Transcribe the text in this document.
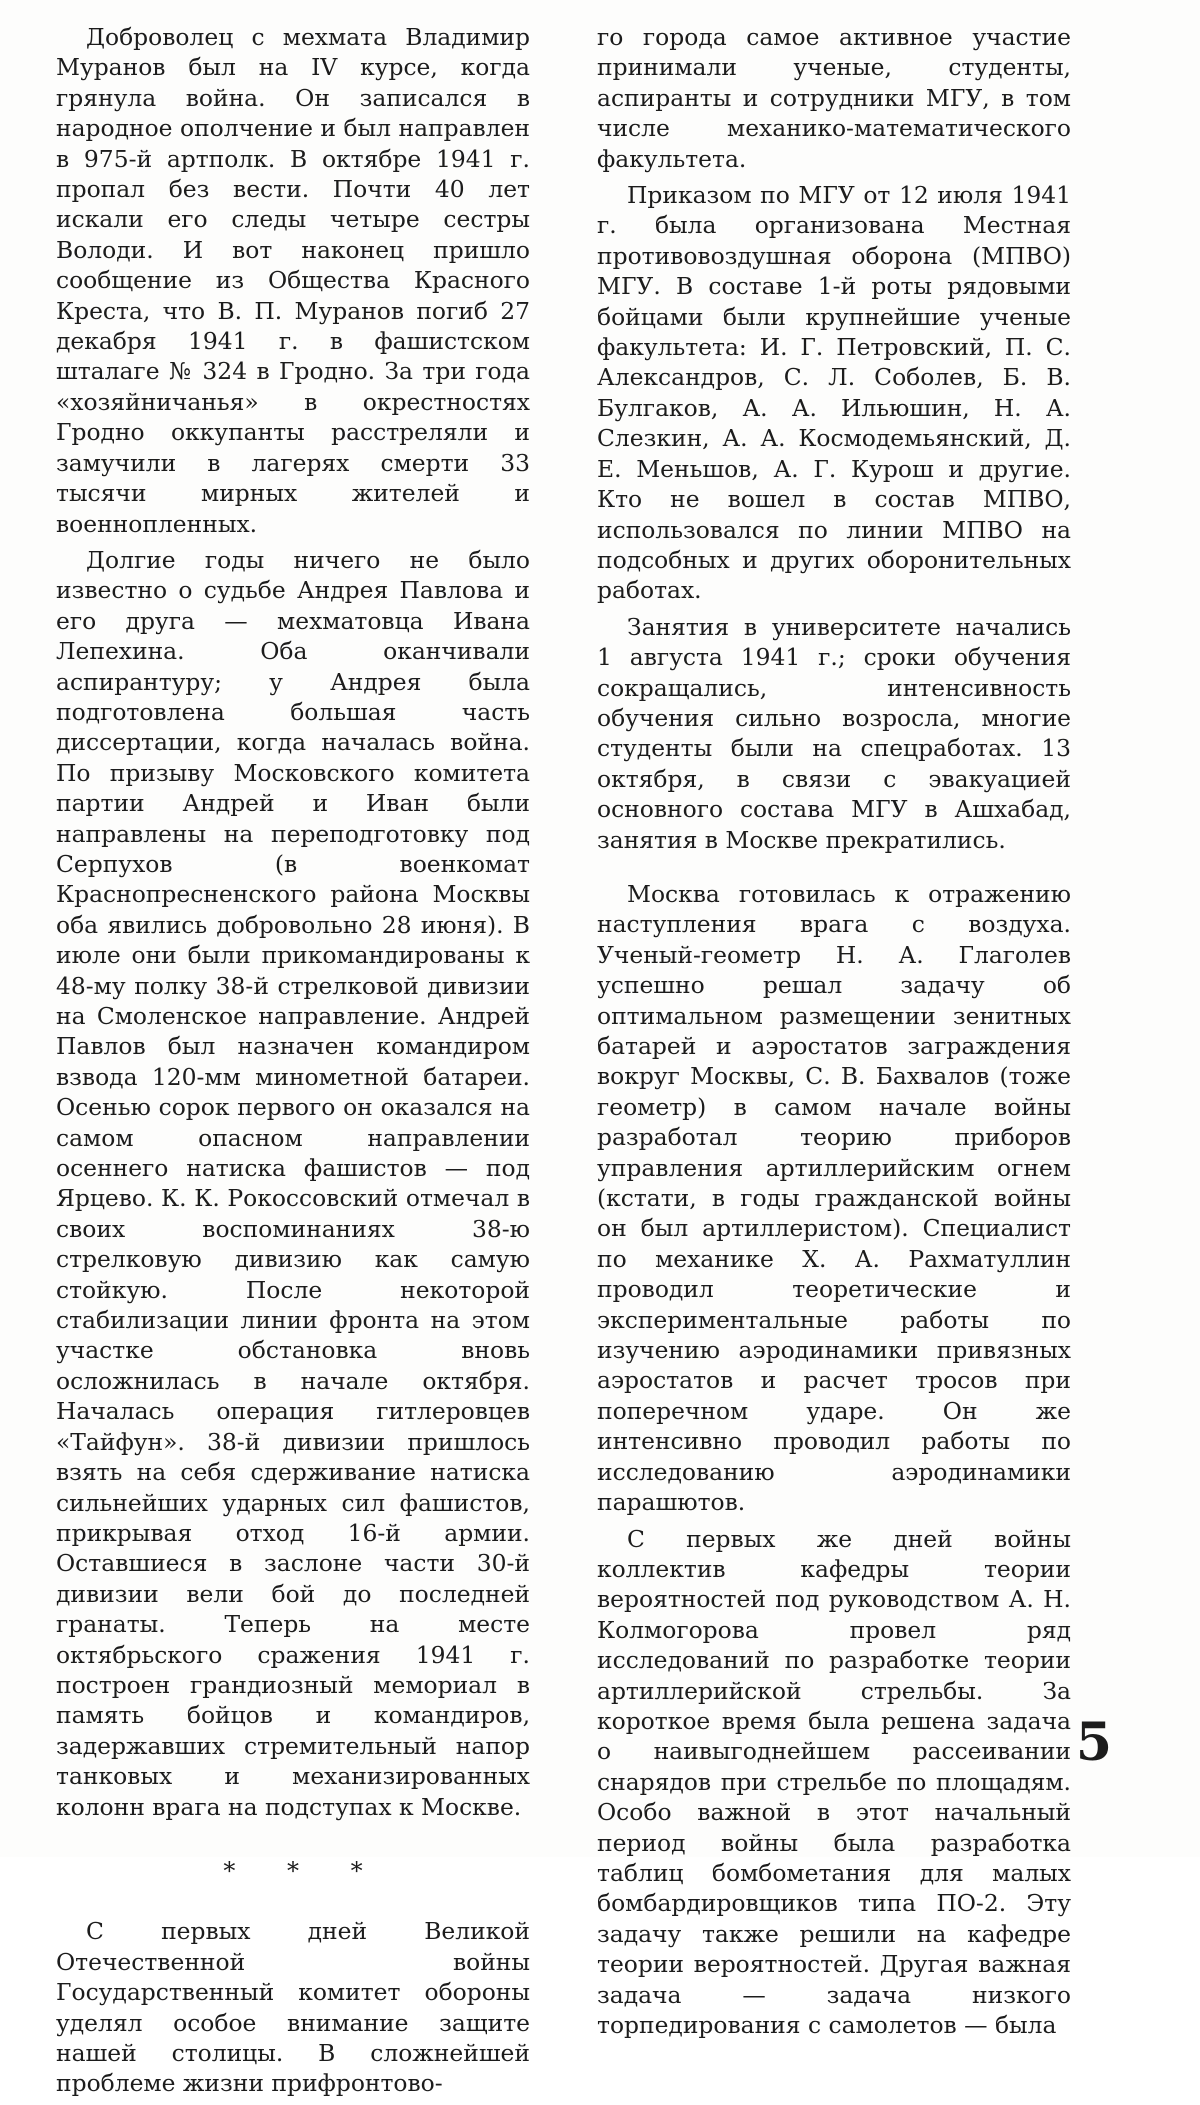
Доброволец с мехмата Владимир Муранов был на IV курсе, когда грянула война. Он записался в народное ополчение и был направлен в 975-й артполк. В октябре 1941 г. пропал без вести. Почти 40 лет искали его следы четыре сестры Володи. И вот наконец пришло сообщение из Общества Красного Креста, что В. П. Муранов погиб 27 декабря 1941 г. в фашистском шталаге № 324 в Гродно. За три года «хозяйничанья» в окрестностях Гродно оккупанты расстреляли и замучили в лагерях смерти 33 тысячи мирных жителей и военнопленных.

Долгие годы ничего не было известно о судьбе Андрея Павлова и его друга — мехматовца Ивана Лепехина. Оба оканчивали аспирантуру; у Андрея была подготовлена большая часть диссертации, когда началась война. По призыву Московского комитета партии Андрей и Иван были направлены на переподготовку под Серпухов (в военкомат Краснопресненского района Москвы оба явились добровольно 28 июня). В июле они были прикомандированы к 48-му полку 38-й стрелковой дивизии на Смоленское направление. Андрей Павлов был назначен командиром взвода 120-мм минометной батареи. Осенью сорок первого он оказался на самом опасном направлении осеннего натиска фашистов — под Ярцево. К. К. Рокоссовский отмечал в своих воспоминаниях 38-ю стрелковую дивизию как самую стойкую. После некоторой стабилизации линии фронта на этом участке обстановка вновь осложнилась в начале октября. Началась операция гитлеровцев «Тайфун». 38-й дивизии пришлось взять на себя сдерживание натиска сильнейших ударных сил фашистов, прикрывая отход 16-й армии. Оставшиеся в заслоне части 30-й дивизии вели бой до последней гранаты. Теперь на месте октябрьского сражения 1941 г. построен грандиозный мемориал в память бойцов и командиров, задержавших стремительный напор танковых и механизированных колонн врага на подступах к Москве.

* * *

С первых дней Великой Отечественной войны Государственный комитет обороны уделял особое внимание защите нашей столицы. В сложнейшей проблеме жизни прифронтово-

го города самое активное участие принимали ученые, студенты, аспиранты и сотрудники МГУ, в том числе механико-математического факультета.

Приказом по МГУ от 12 июля 1941 г. была организована Местная противовоздушная оборона (МПВО) МГУ. В составе 1-й роты рядовыми бойцами были крупнейшие ученые факультета: И. Г. Петровский, П. С. Александров, С. Л. Соболев, Б. В. Булгаков, А. А. Ильюшин, Н. А. Слезкин, А. А. Космодемьянский, Д. Е. Меньшов, А. Г. Курош и другие. Кто не вошел в состав МПВО, использовался по линии МПВО на подсобных и других оборонительных работах.

Занятия в университете начались 1 августа 1941 г.; сроки обучения сокращались, интенсивность обучения сильно возросла, многие студенты были на спецработах. 13 октября, в связи с эвакуацией основного состава МГУ в Ашхабад, занятия в Москве прекратились.

Москва готовилась к отражению наступления врага с воздуха. Ученый-геометр Н. А. Глаголев успешно решал задачу об оптимальном размещении зенитных батарей и аэростатов заграждения вокруг Москвы, С. В. Бахвалов (тоже геометр) в самом начале войны разработал теорию приборов управления артиллерийским огнем (кстати, в годы гражданской войны он был артиллеристом). Специалист по механике Х. А. Рахматуллин проводил теоретические и экспериментальные работы по изучению аэродинамики привязных аэростатов и расчет тросов при поперечном ударе. Он же интенсивно проводил работы по исследованию аэродинамики парашютов.

С первых же дней войны коллектив кафедры теории вероятностей под руководством А. Н. Колмогорова провел ряд исследований по разработке теории артиллерийской стрельбы. За короткое время была решена задача о наивыгоднейшем рассеивании снарядов при стрельбе по площадям. Особо важной в этот начальный период войны была разработка таблиц бомбометания для малых бомбардировщиков типа ПО-2. Эту задачу также решили на кафедре теории вероятностей. Другая важная задача — задача низкого торпедирования с самолетов — была

5
